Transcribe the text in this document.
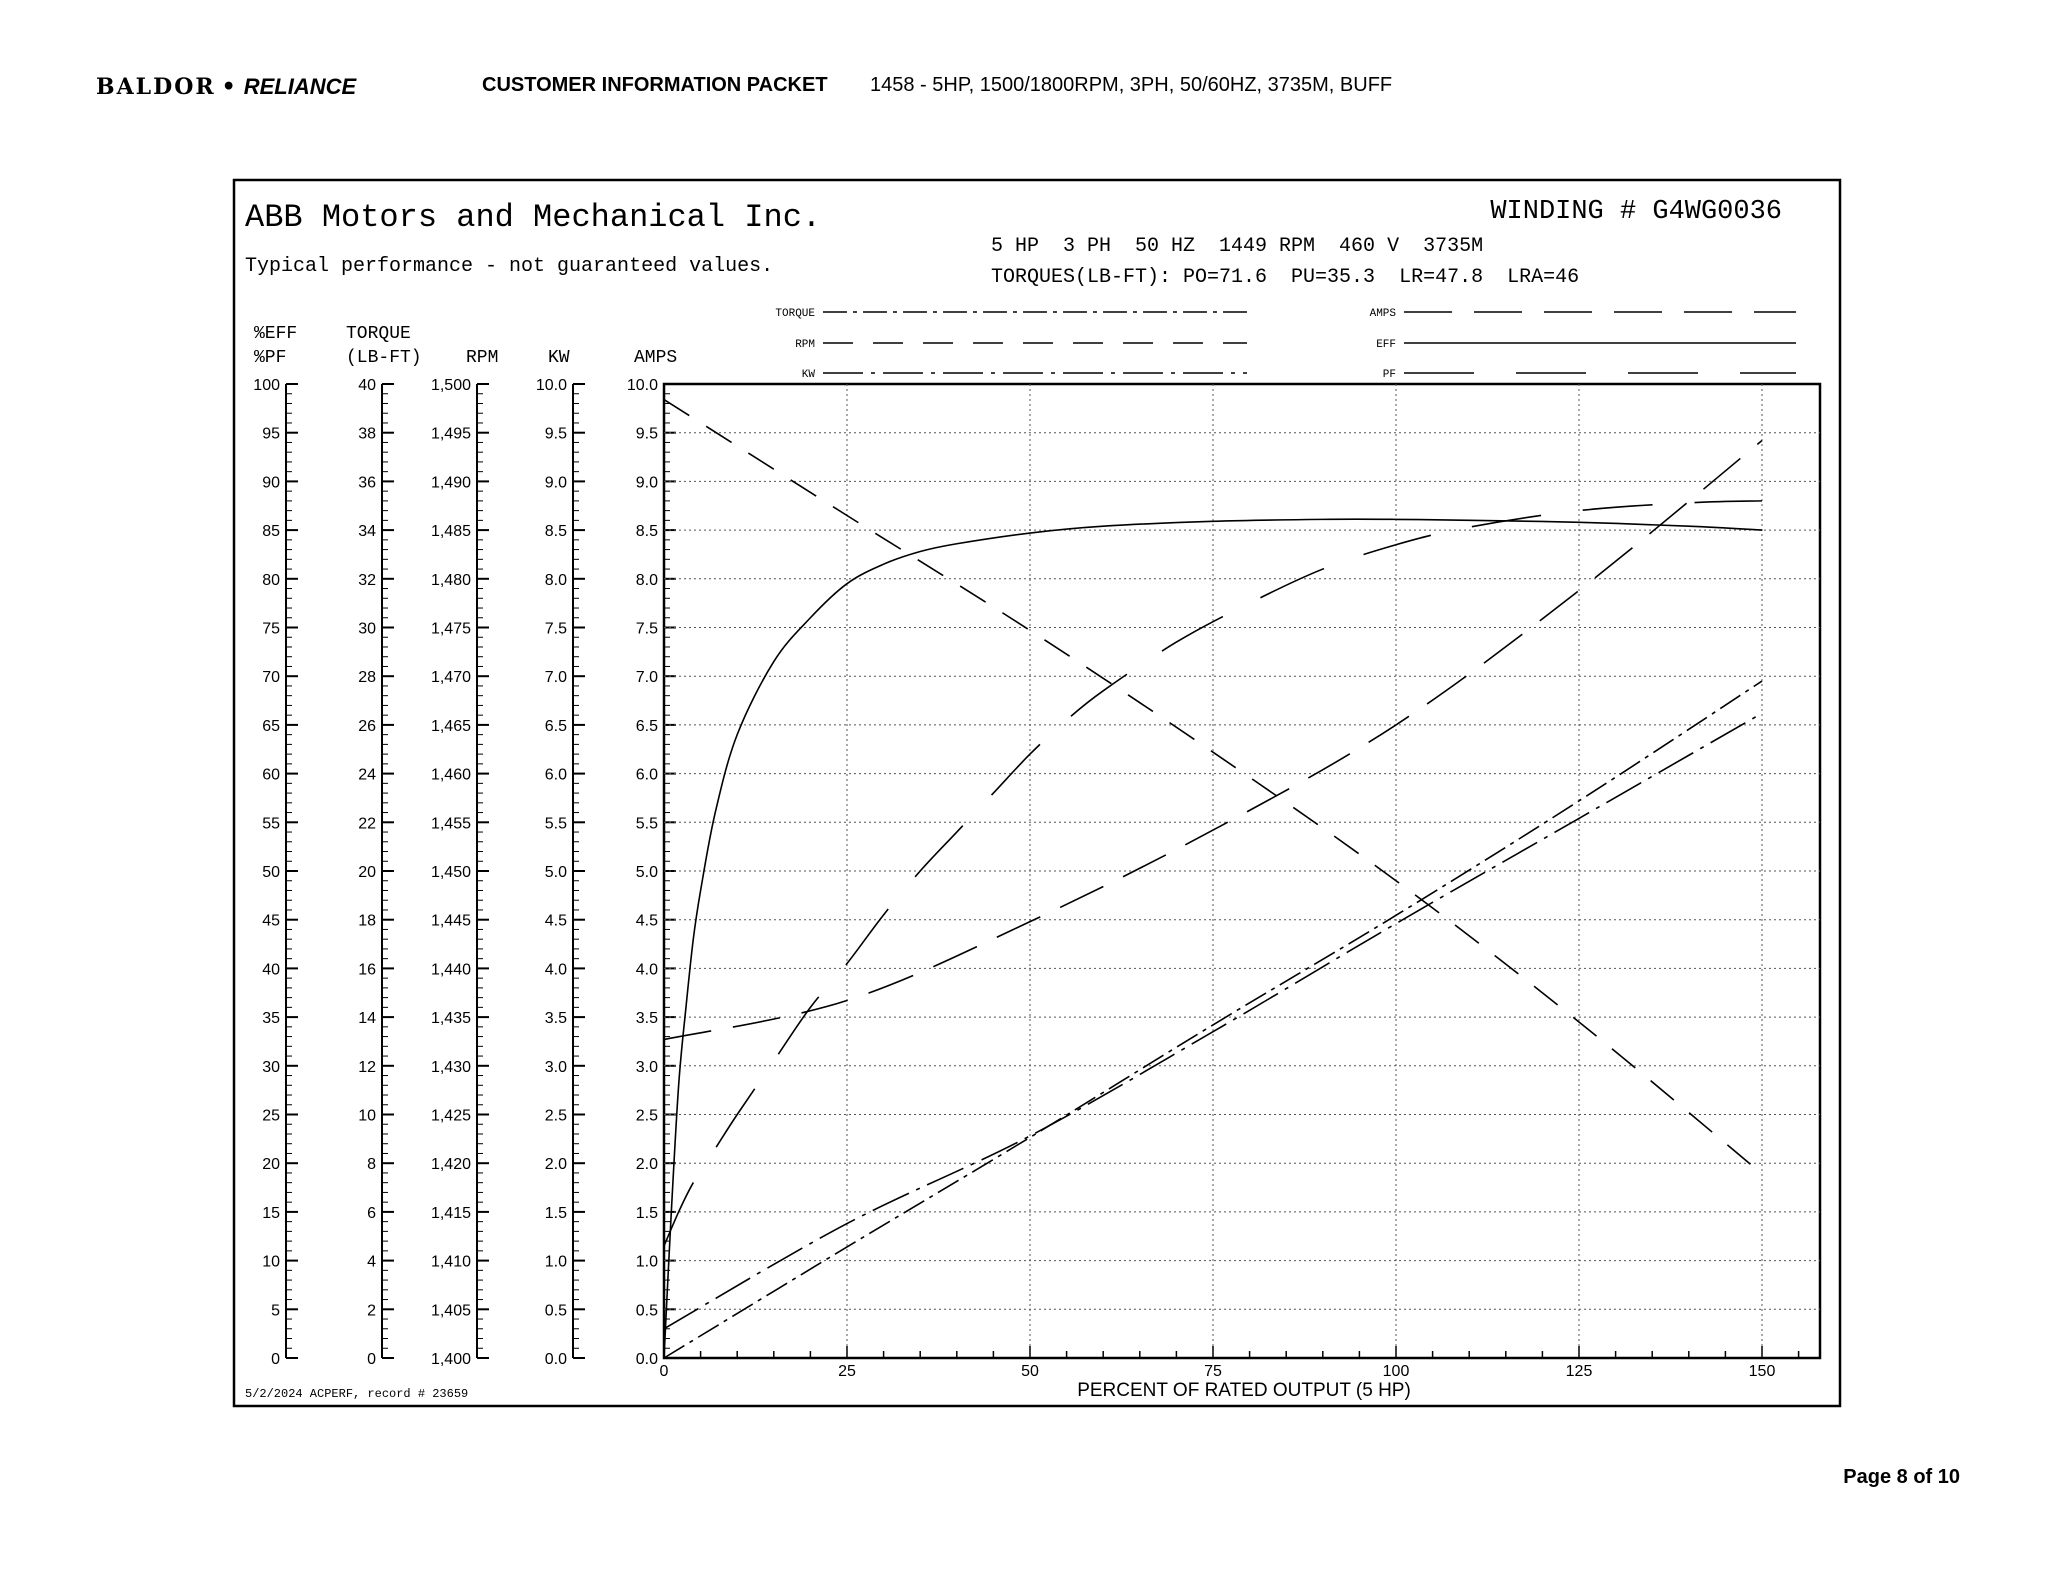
BALDOR • RELIANCE	CUSTOMER INFORMATION PACKET 1458 - 5HP, 1500/1800RPM, 3PH, 50/60HZ, 3735M, BUFF
ABB Motors and Mechanical Inc.
Typical performance - not guaranteed values.
WINDING # G4WG0036
5 HP  3 PH  50 HZ  1449 RPM  460 V  3735M
TORQUES(LB-FT): PO=71.6  PU=35.3  LR=47.8  LRA=46
TORQUE
RPM
KW
AMPS
EFF
PF
0
5
10
15
20
25
30
35
40
45
50
55
60
65
70
75
80
85
90
95
100
%EFF
%PF
0
2
4
6
8
10
12
14
16
18
20
22
24
26
28
30
32
34
36
38
40
TORQUE
(LB-FT)
1,400
1,405
1,410
1,415
1,420
1,425
1,430
1,435
1,440
1,445
1,450
1,455
1,460
1,465
1,470
1,475
1,480
1,485
1,490
1,495
1,500
RPM
0.0
0.5
1.0
1.5
2.0
2.5
3.0
3.5
4.0
4.5
5.0
5.5
6.0
6.5
7.0
7.5
8.0
8.5
9.0
9.5
10.0
KW
0.0
0.5
1.0
1.5
2.0
2.5
3.0
3.5
4.0
4.5
5.0
5.5
6.0
6.5
7.0
7.5
8.0
8.5
9.0
9.5
10.0
AMPS
0	25	50	75	100	125	150
PERCENT OF RATED OUTPUT (5 HP)
5/2/2024 ACPERF, record # 23659
Page 8 of 10
